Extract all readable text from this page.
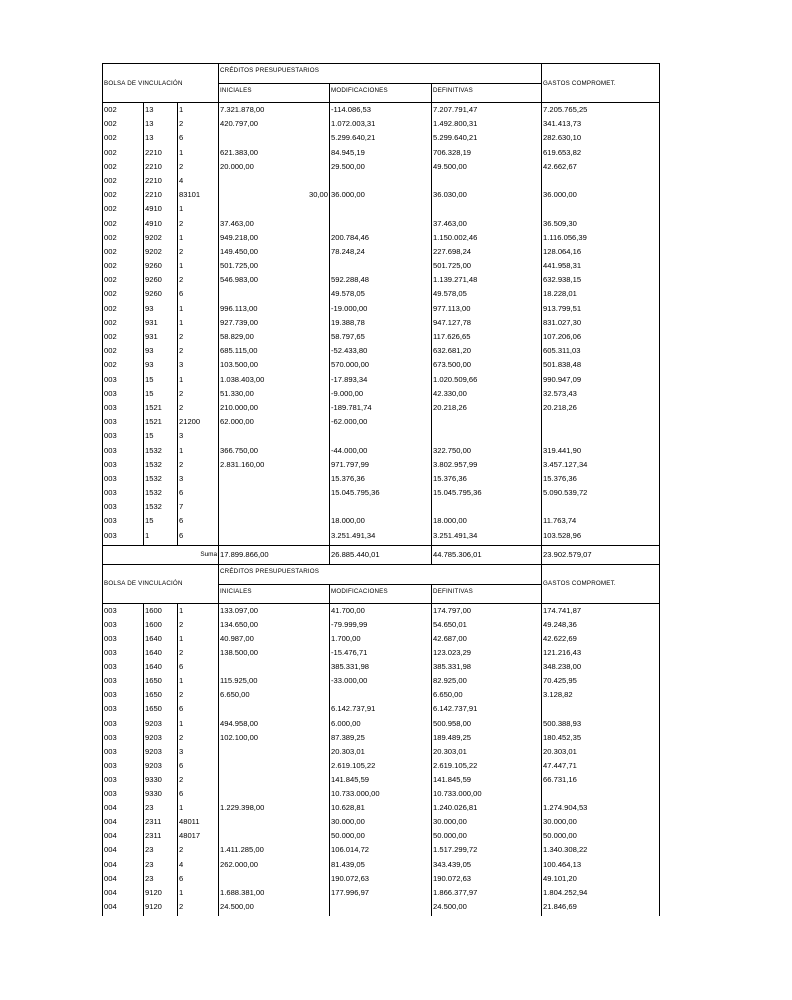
BOLSA DE VINCULACIÓN			CRÉDITOS PRESUPUESTARIOS			GASTOS COMPROMET.
			INICIALES	MODIFICACIONES	DEFINITIVAS	
002	13	1	7.321.878,00	-114.086,53	7.207.791,47	7.205.765,25
002	13	2	420.797,00	1.072.003,31	1.492.800,31	341.413,73
002	13	6		5.299.640,21	5.299.640,21	282.630,10
002	2210	1	621.383,00	84.945,19	706.328,19	619.653,82
002	2210	2	20.000,00	29.500,00	49.500,00	42.662,67
002	2210	4				
002	2210	83101	30,00	36.000,00	36.030,00	36.000,00
002	4910	1				
002	4910	2	37.463,00		37.463,00	36.509,30
002	9202	1	949.218,00	200.784,46	1.150.002,46	1.116.056,39
002	9202	2	149.450,00	78.248,24	227.698,24	128.064,16
002	9260	1	501.725,00		501.725,00	441.958,31
002	9260	2	546.983,00	592.288,48	1.139.271,48	632.938,15
002	9260	6		49.578,05	49.578,05	18.228,01
002	93	1	996.113,00	-19.000,00	977.113,00	913.799,51
002	931	1	927.739,00	19.388,78	947.127,78	831.027,30
002	931	2	58.829,00	58.797,65	117.626,65	107.206,06
002	93	2	685.115,00	-52.433,80	632.681,20	605.311,03
002	93	3	103.500,00	570.000,00	673.500,00	501.838,48
003	15	1	1.038.403,00	-17.893,34	1.020.509,66	990.947,09
003	15	2	51.330,00	-9.000,00	42.330,00	32.573,43
003	1521	2	210.000,00	-189.781,74	20.218,26	20.218,26
003	1521	21200	62.000,00	-62.000,00		
003	15	3				
003	1532	1	366.750,00	-44.000,00	322.750,00	319.441,90
003	1532	2	2.831.160,00	971.797,99	3.802.957,99	3.457.127,34
003	1532	3		15.376,36	15.376,36	15.376,36
003	1532	6		15.045.795,36	15.045.795,36	5.090.539,72
003	1532	7				
003	15	6		18.000,00	18.000,00	11.763,74
003	1	6		3.251.491,34	3.251.491,34	103.528,96
Suma			17.899.866,00	26.885.440,01	44.785.306,01	23.902.579,07
BOLSA DE VINCULACIÓN			CRÉDITOS PRESUPUESTARIOS			GASTOS COMPROMET.
			INICIALES	MODIFICACIONES	DEFINITIVAS	
003	1600	1	133.097,00	41.700,00	174.797,00	174.741,87
003	1600	2	134.650,00	-79.999,99	54.650,01	49.248,36
003	1640	1	40.987,00	1.700,00	42.687,00	42.622,69
003	1640	2	138.500,00	-15.476,71	123.023,29	121.216,43
003	1640	6		385.331,98	385.331,98	348.238,00
003	1650	1	115.925,00	-33.000,00	82.925,00	70.425,95
003	1650	2	6.650,00		6.650,00	3.128,82
003	1650	6		6.142.737,91	6.142.737,91	
003	9203	1	494.958,00	6.000,00	500.958,00	500.388,93
003	9203	2	102.100,00	87.389,25	189.489,25	180.452,35
003	9203	3		20.303,01	20.303,01	20.303,01
003	9203	6		2.619.105,22	2.619.105,22	47.447,71
003	9330	2		141.845,59	141.845,59	66.731,16
003	9330	6		10.733.000,00	10.733.000,00	
004	23	1	1.229.398,00	10.628,81	1.240.026,81	1.274.904,53
004	2311	48011		30.000,00	30.000,00	30.000,00
004	2311	48017		50.000,00	50.000,00	50.000,00
004	23	2	1.411.285,00	106.014,72	1.517.299,72	1.340.308,22
004	23	4	262.000,00	81.439,05	343.439,05	100.464,13
004	23	6		190.072,63	190.072,63	49.101,20
004	9120	1	1.688.381,00	177.996,97	1.866.377,97	1.804.252,94
004	9120	2	24.500,00		24.500,00	21.846,69
